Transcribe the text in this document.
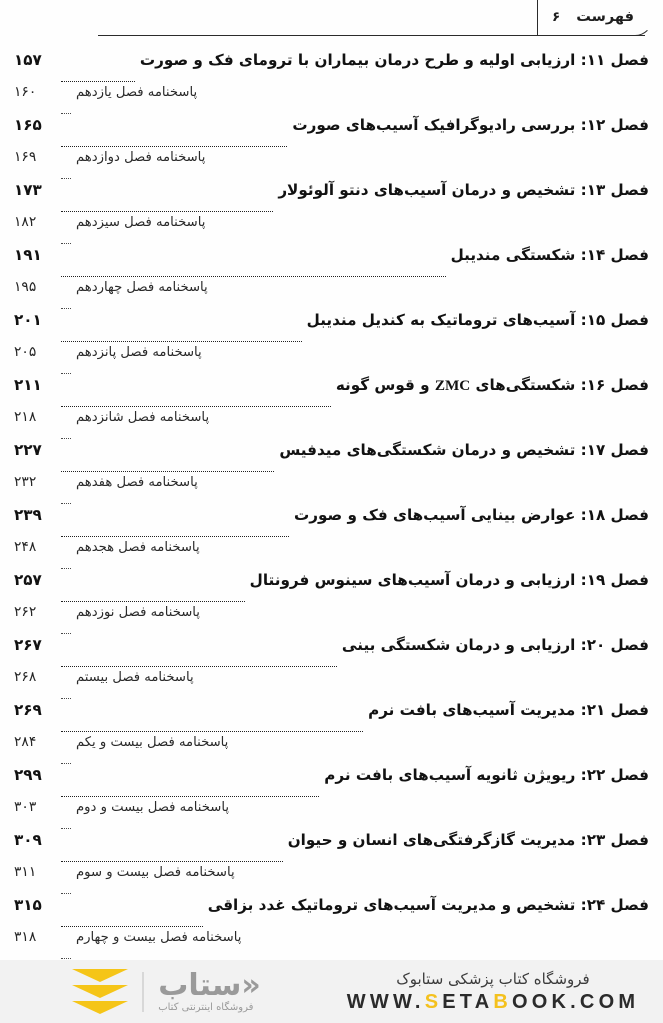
فهرست
۶
فصل ۱۱: ارزیابی اولیه و طرح درمان بیماران با ترومای فک و صورت
۱۵۷
پاسخنامه فصل یازدهم
۱۶۰
فصل ۱۲: بررسی رادیوگرافیک آسیب‌های صورت
۱۶۵
پاسخنامه فصل دوازدهم
۱۶۹
فصل ۱۳: تشخیص و درمان آسیب‌های دنتو آلوئولار
۱۷۳
پاسخنامه فصل سیزدهم
۱۸۲
فصل ۱۴: شکستگی مندیبل
۱۹۱
پاسخنامه فصل چهاردهم
۱۹۵
فصل ۱۵: آسیب‌های تروماتیک به کندیل مندیبل
۲۰۱
پاسخنامه فصل پانزدهم
۲۰۵
فصل ۱۶: شکستگی‌های ZMC و قوس گونه
۲۱۱
پاسخنامه فصل شانزدهم
۲۱۸
فصل ۱۷: تشخیص و درمان شکستگی‌های میدفیس
۲۲۷
پاسخنامه فصل هفدهم
۲۳۲
فصل ۱۸: عوارض بینایی آسیب‌های فک و صورت
۲۳۹
پاسخنامه فصل هجدهم
۲۴۸
فصل ۱۹: ارزیابی و درمان آسیب‌های سینوس فرونتال
۲۵۷
پاسخنامه فصل نوزدهم
۲۶۲
فصل ۲۰: ارزیابی و درمان شکستگی بینی
۲۶۷
پاسخنامه فصل بیستم
۲۶۸
فصل ۲۱: مدیریت آسیب‌های بافت نرم
۲۶۹
پاسخنامه فصل بیست و یکم
۲۸۴
فصل ۲۲: ریویژن ثانویه آسیب‌های بافت نرم
۲۹۹
پاسخنامه فصل بیست و دوم
۳۰۳
فصل ۲۳: مدیریت گازگرفتگی‌های انسان و حیوان
۳۰۹
پاسخنامه فصل بیست و سوم
۳۱۱
فصل ۲۴: تشخیص و مدیریت آسیب‌های تروماتیک غدد بزاقی
۳۱۵
پاسخنامه فصل بیست و چهارم
۳۱۸
فروشگاه کتاب پزشکی ستابوک
WWW.SETABOOK.COM
«ستاب
فروشگاه اینترنتی کتاب
